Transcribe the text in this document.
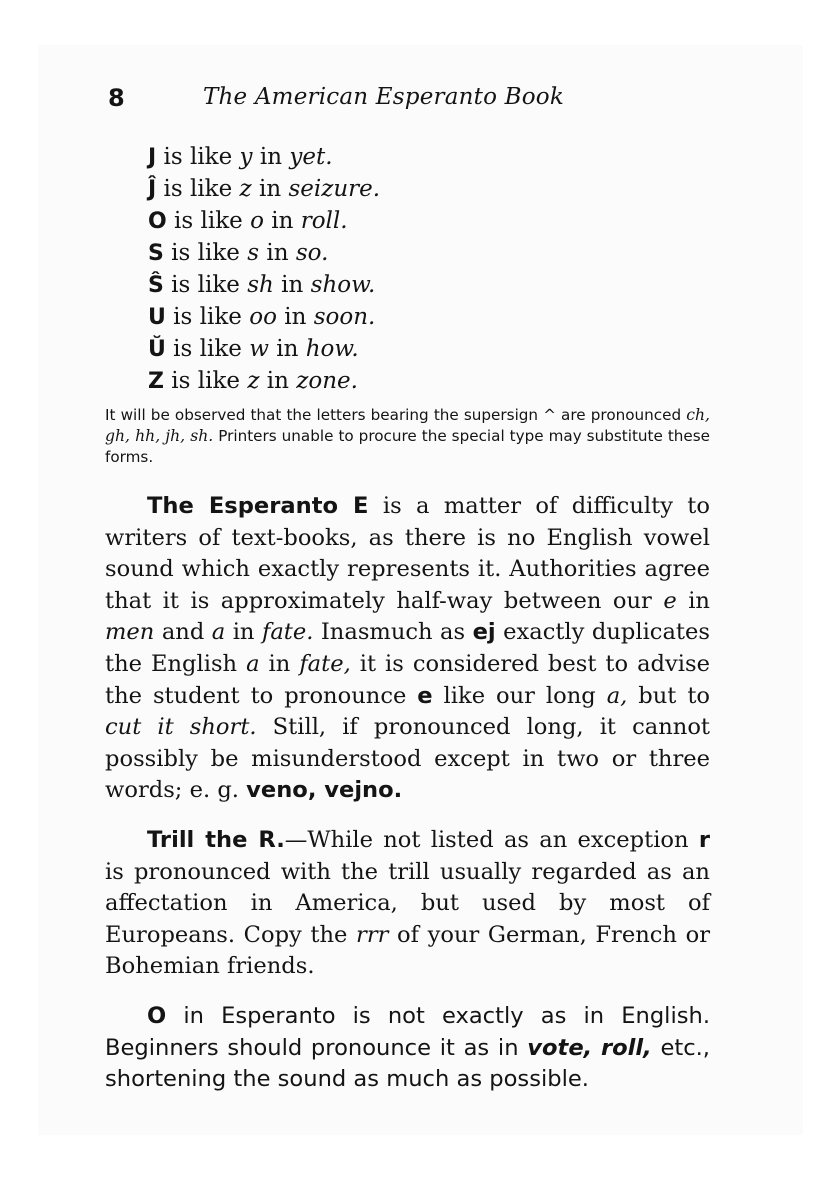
8	The American Esperanto Book
J is like y in yet.
Ĵ is like z in seizure.
O is like o in roll.
S is like s in so.
Ŝ is like sh in show.
U is like oo in soon.
Ŭ is like w in how.
Z is like z in zone.
It will be observed that the letters bearing the supersign ^ are pronounced ch, gh, hh, jh, sh. Printers unable to procure the special type may substitute these forms.
The Esperanto E is a matter of difficulty to writers of text-books, as there is no English vowel sound which exactly represents it. Authorities agree that it is approximately half-way between our e in men and a in fate. Inasmuch as ej exactly duplicates the English a in fate, it is considered best to advise the student to pronounce e like our long a, but to cut it short. Still, if pronounced long, it cannot possibly be misunderstood except in two or three words; e. g. veno, vejno.
Trill the R.—While not listed as an exception r is pronounced with the trill usually regarded as an affectation in America, but used by most of Europeans. Copy the rrr of your German, French or Bohemian friends.
O in Esperanto is not exactly as in English. Beginners should pronounce it as in vote, roll, etc., shortening the sound as much as possible.
